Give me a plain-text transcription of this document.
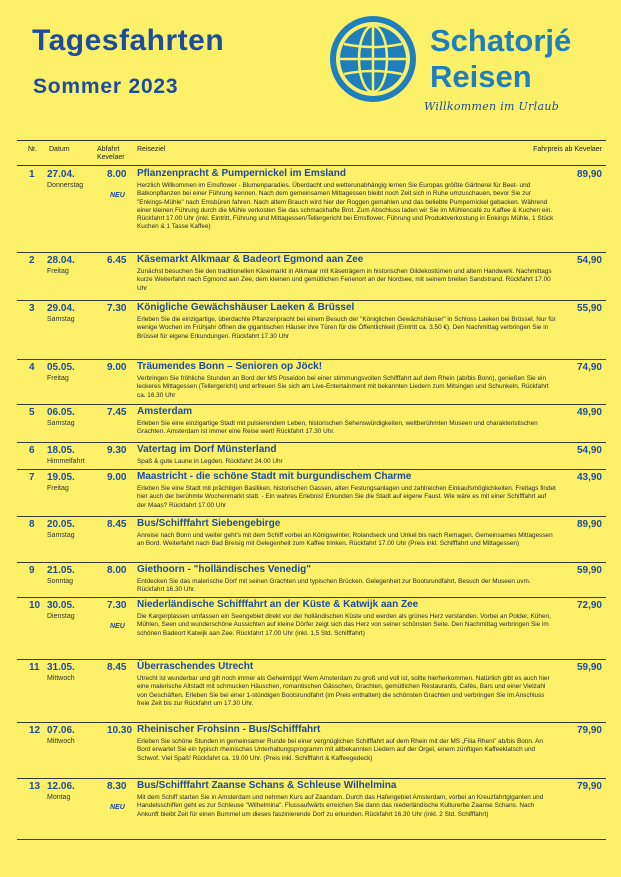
Tagesfahrten
Sommer 2023
Schatorjé
Reisen
Willkommen im Urlaub
Nr. Datum	Abfahrt Kevelaer
Reiseziel	Fahrpreis ab Kevelaer
1 27.04.
Donnerstag
8.00 Pflanzenpracht & Pumpernickel im Emsland
Herzlich Willkommen im Emsflower - Blumenparadies. Überdacht und wetterunabhängig lernen Sie Europas größte Gärtnerei für Beet- und Balkonpflanzen bei einer Führung kennen. Nach dem gemeinsamen Mittagessen bleibt noch Zeit sich in Ruhe umzuschauen, bevor Sie zur "Enkings-Mühle" nach Emsbüren fahren. Nach altem Brauch wird hier der Roggen gemahlen und das beliebte Pumpernickel gebacken. Während einer kleinen Führung durch die Mühle verkosten Sie das schmackhafte Brot. Zum Abschluss laden wir Sie im Mühlencafé zu Kaffee & Kuchen ein. Rückfahrt 17.00 Uhr (inkl. Eintritt, Führung und Mittagessen/Tellergericht bei Emsflower, Führung und Produktverkostung in Enkings Mühle, 1 Stück Kuchen & 1 Tasse Kaffee)
89,90
NEU
2 28.04.
Freitag
6.45 Käsemarkt Alkmaar & Badeort Egmond aan Zee
Zunächst besuchen Sie den traditionellen Käsemarkt in Alkmaar mit Käseträgern in historischen Gildekostümen und altem Handwerk. Nachmittags kurze Weiterfahrt nach Egmond aan Zee, dem kleinen und gemütlichen Ferienort an der Nordsee, mit seinem breiten Sandstrand. Rückfahrt 17.00 Uhr
54,90
3 29.04.
Samstag
7.30 Königliche Gewächshäuser Laeken & Brüssel
Erleben Sie die einzigartige, überdachte Pflanzenpracht bei einem Besuch der "Königlichen Gewächshäuser" in Schloss Laeken bei Brüssel. Nur für wenige Wochen im Frühjahr öffnen die gigantischen Häuser ihre Türen für die Öffentlichkeit (Eintritt ca. 3,50 €). Den Nachmittag verbringen Sie in Brüssel für eigene Erkundungen. Rückfahrt 17.30 Uhr
55,90
4 05.05.
Freitag
9.00 Träumendes Bonn – Senioren op Jöck!
Verbringen Sie fröhliche Stunden an Bord der MS Poseidon bei einer stimmungsvollen Schifffahrt auf dem Rhein (ab/bis Bonn), genießen Sie ein leckeres Mittagessen (Tellergericht) und erfreuen Sie sich am Live-Entertainment mit bekannten Liedern zum Mitsingen und Schunkeln. Rückfahrt ca. 16.30 Uhr
74,90
5 06.05.
Samstag
7.45 Amsterdam
Erleben Sie eine einzigartige Stadt mit pulsierendem Leben, historischen Sehenswürdigkeiten, weltberühmten Museen und charakteristischen Grachten. Amsterdam ist immer eine Reise wert! Rückfahrt 17.30 Uhr.
49,90
6 18.05.
Himmelfahrt
9.30 Vatertag im Dorf Münsterland
Spaß & gute Laune in Legden. Rückfahrt 24.00 Uhr
54,90
7 19.05.
Freitag
9.00 Maastricht - die schöne Stadt mit burgundischem Charme
Erleben Sie eine Stadt mit prächtigen Basiliken, historischen Gassen, alten Festungsanlagen und zahlreichen Einkaufsmöglichkeiten. Freitags findet hier auch der berühmte Wochenmarkt statt. - Ein wahres Erlebnis! Erkunden Sie die Stadt auf eigene Faust. Wie wäre es mit einer Schifffahrt auf der Maas? Rückfahrt 17.00 Uhr
43,90
8 20.05.
Samstag
8.45 Bus/Schifffahrt Siebengebirge
Anreise nach Bonn und weiter geht's mit dem Schiff vorbei an Königswinter, Rolandseck und Unkel bis nach Remagen. Gemeinsames Mittagessen an Bord. Weiterfahrt nach Bad Breisig mit Gelegenheit zum Kaffee trinken. Rückfahrt 17.00 Uhr (Preis inkl. Schifffahrt und Mittagessen)
89,90
9 21.05.
Sonntag
8.00 Giethoorn - "holländisches Venedig"
Entdecken Sie das malerische Dorf mit seinen Grachten und typischen Brücken. Gelegenheit zur Bootsrundfahrt, Besuch der Museen uvm. Rückfahrt 16.30 Uhr.
59,90
10 30.05.
Dienstag
7.30 Niederländische Schifffahrt an der Küste & Katwijk aan Zee
Die Kargerplassen umfassen ein Seengebiet direkt vor der holländischen Küste und werden als grünes Herz verstanden. Vorbei an Polder, Kühen, Mühlen, Seen und wunderschöne Aussichten auf kleine Dörfer zeigt sich das Herz von seiner schönsten Seite. Den Nachmittag verbringen Sie im schönen Badeort Katwijk aan Zee. Rückfahrt 17.00 Uhr (inkl. 1,5 Std. Schifffahrt)
72,90
NEU
11 31.05.
Mittwoch
8.45 Überraschendes Utrecht
Utrecht ist wunderbar und gilt noch immer als Geheimtipp! Wem Amsterdam zu groß und voll ist, sollte hierherkommen. Natürlich gibt es auch hier eine malerische Altstadt mit schmucken Häuschen, romantischen Gässchen, Grachten, gemütlichen Restaurants, Cafés, Bars und einer Vielzahl von Geschäften. Erleben Sie bei einer 1-stündigen Bootsrundfahrt (im Preis enthalten) die schönsten Grachten und verbringen Sie im Anschluss freie Zeit bis zur Rückfahrt um 17.30 Uhr.
59,90
12 07.06.
Mittwoch
10.30 Rheinischer Frohsinn - Bus/Schifffahrt
Erleben Sie schöne Stunden in gemeinsamer Runde bei einer vergnüglichen Schifffahrt auf dem Rhein mit der MS „Filia Rheni" ab/bis Bonn. An Bord erwartet Sie ein typisch rheinisches Unterhaltungsprogramm mit altbekannten Liedern auf der Orgel, einem zünftigen Kaffeeklatsch und Schwof. Viel Spaß! Rückfahrt ca. 19.00 Uhr. (Preis inkl. Schifffahrt & Kaffeegedeck)
79,90
13 12.06.
Montag
8.30 Bus/Schifffahrt Zaanse Schans & Schleuse Wilhelmina
Mit dem Schiff starten Sie in Amsterdam und nehmen Kurs auf Zaandam. Durch das Hafengebiet Amsterdam, vorbei an Kreuzfahrtgiganten und Handelsschiffen geht es zur Schleuse "Wilhelmina". Flussaufwärts erreichen Sie dann das niederländische Kulturerbe Zaanse Schans. Nach Ankunft bleibt Zeit für einen Bummel um dieses faszinierende Dorf zu erkunden. Rückfahrt 16.30 Uhr (inkl. 2 Std. Schifffahrt)
79,90
NEU
